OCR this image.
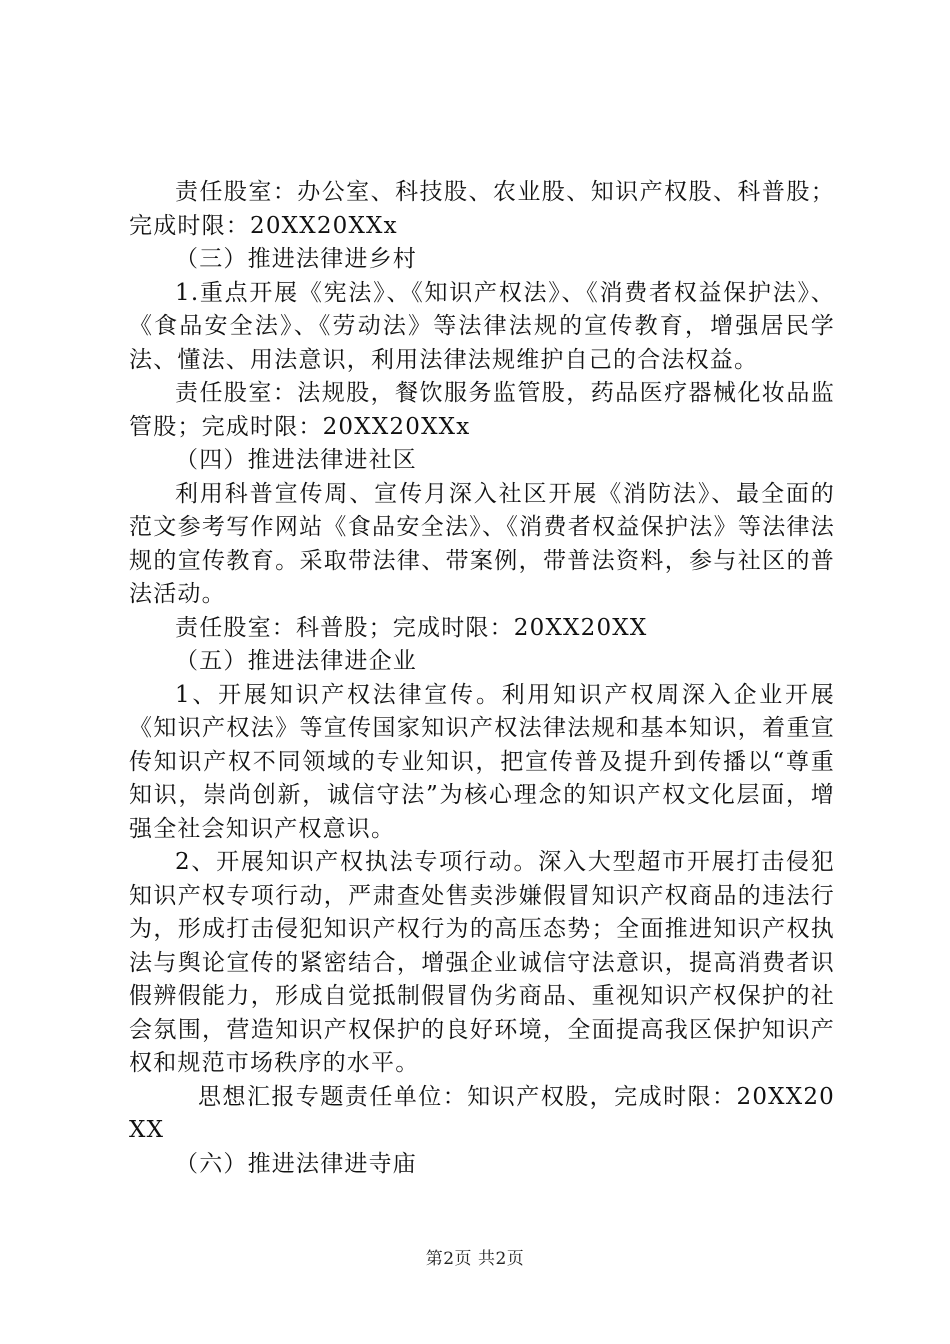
责任股室：办公室、科技股、农业股、知识产权股、科普股；完成时限：20XX20XXx

（三）推进法律进乡村

1.重点开展《宪法》、《知识产权法》、《消费者权益保护法》、《食品安全法》、《劳动法》等法律法规的宣传教育，增强居民学法、懂法、用法意识，利用法律法规维护自己的合法权益。

责任股室：法规股，餐饮服务监管股，药品医疗器械化妆品监管股；完成时限：20XX20XXx

（四）推进法律进社区

利用科普宣传周、宣传月深入社区开展《消防法》、最全面的范文参考写作网站《食品安全法》、《消费者权益保护法》等法律法规的宣传教育。采取带法律、带案例，带普法资料，参与社区的普法活动。

责任股室：科普股；完成时限：20XX20XX

（五）推进法律进企业

1、开展知识产权法律宣传。利用知识产权周深入企业开展《知识产权法》等宣传国家知识产权法律法规和基本知识，着重宣传知识产权不同领域的专业知识，把宣传普及提升到传播以“尊重知识，崇尚创新，诚信守法”为核心理念的知识产权文化层面，增强全社会知识产权意识。

2、开展知识产权执法专项行动。深入大型超市开展打击侵犯知识产权专项行动，严肃查处售卖涉嫌假冒知识产权商品的违法行为，形成打击侵犯知识产权行为的高压态势；全面推进知识产权执法与舆论宣传的紧密结合，增强企业诚信守法意识，提高消费者识假辨假能力，形成自觉抵制假冒伪劣商品、重视知识产权保护的社会氛围，营造知识产权保护的良好环境，全面提高我区保护知识产权和规范市场秩序的水平。

思想汇报专题责任单位：知识产权股，完成时限：20XX20XX

（六）推进法律进寺庙

第2页 共2页
